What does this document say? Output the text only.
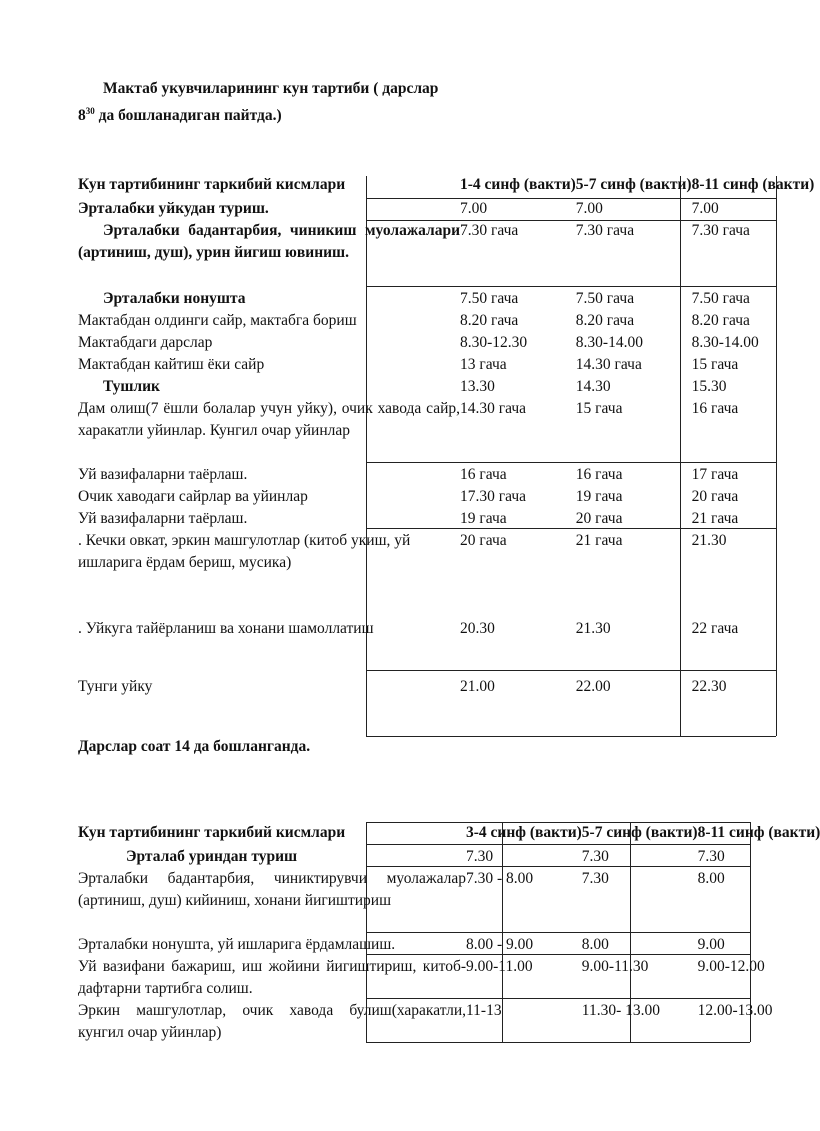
Мактаб укувчиларининг кун тартиби ( дарслар
$8^{30}$ да бошланадиган пайтда.)
Кун тартибининг таркибий кисмлари	1-4 синф (вакти)	5-7 синф (вакти)	8-11 синф (вакти)
Эрталабки уйкудан туриш.	7.00	7.00	7.00

Эрталабки бадантарбия, чиникиш муолажалари (артиниш, душ), урин йигиш ювиниш.	7.30 гача	7.30 гача	7.30 гача
Эрталабки нонушта	7.50 гача	7.50 гача	7.50 гача
Мактабдан олдинги сайр, мактабга бориш	8.20 гача	8.20 гача	8.20 гача
Мактабдаги дарслар	8.30-12.30	8.30-14.00	8.30-14.00
Мактабдан кайтиш ёки сайр	13 гача	14.30 гача	15 гача
Тушлик	13.30	14.30	15.30

Дам олиш(7 ёшли болалар учун уйку), очик хавода сайр, харакатли уйинлар. Кунгил очар уйинлар	14.30 гача	15 гача	16 гача
Уй вазифаларни таёрлаш.	16 гача	16 гача	17 гача
Очик хаводаги сайрлар ва уйинлар	17.30 гача	19 гача	20 гача
Уй вазифаларни таёрлаш.	19 гача	20 гача	21 гача

. Кечки овкат, эркин машгулотлар (китоб укиш, уй ишларига ёрдам бериш, мусика)	20 гача	21 гача	21.30
. Уйкуга тайёрланиш ва хонани шамоллатиш	20.30	21.30	22 гача
Тунги уйку	21.00	22.00	22.30
Дарслар соат 14 да бошланганда.
Кун тартибининг таркибий кисмлари	3-4 синф (вакти)	5-7 синф (вакти)	8-11 синф (вакти)
Эрталаб уриндан туриш	7.30	7.30	7.30

Эрталабки бадантарбия, чиниктирувчи муолажалар (артиниш, душ) кийиниш, хонани йигиштириш	7.30 - 8.00	7.30	8.00
Эрталабки нонушта, уй ишларига ёрдамлашиш.	8.00 - 9.00	8.00	9.00

Уй вазифани бажариш, иш жойини йигиштириш, китоб-дафтарни тартибга солиш.	9.00-11.00	9.00-11.30	9.00-12.00

Эркин машгулотлар, очик хавода булиш(харакатли, кунгил очар уйинлар)	11-13	11.30- 13.00	12.00-13.00
